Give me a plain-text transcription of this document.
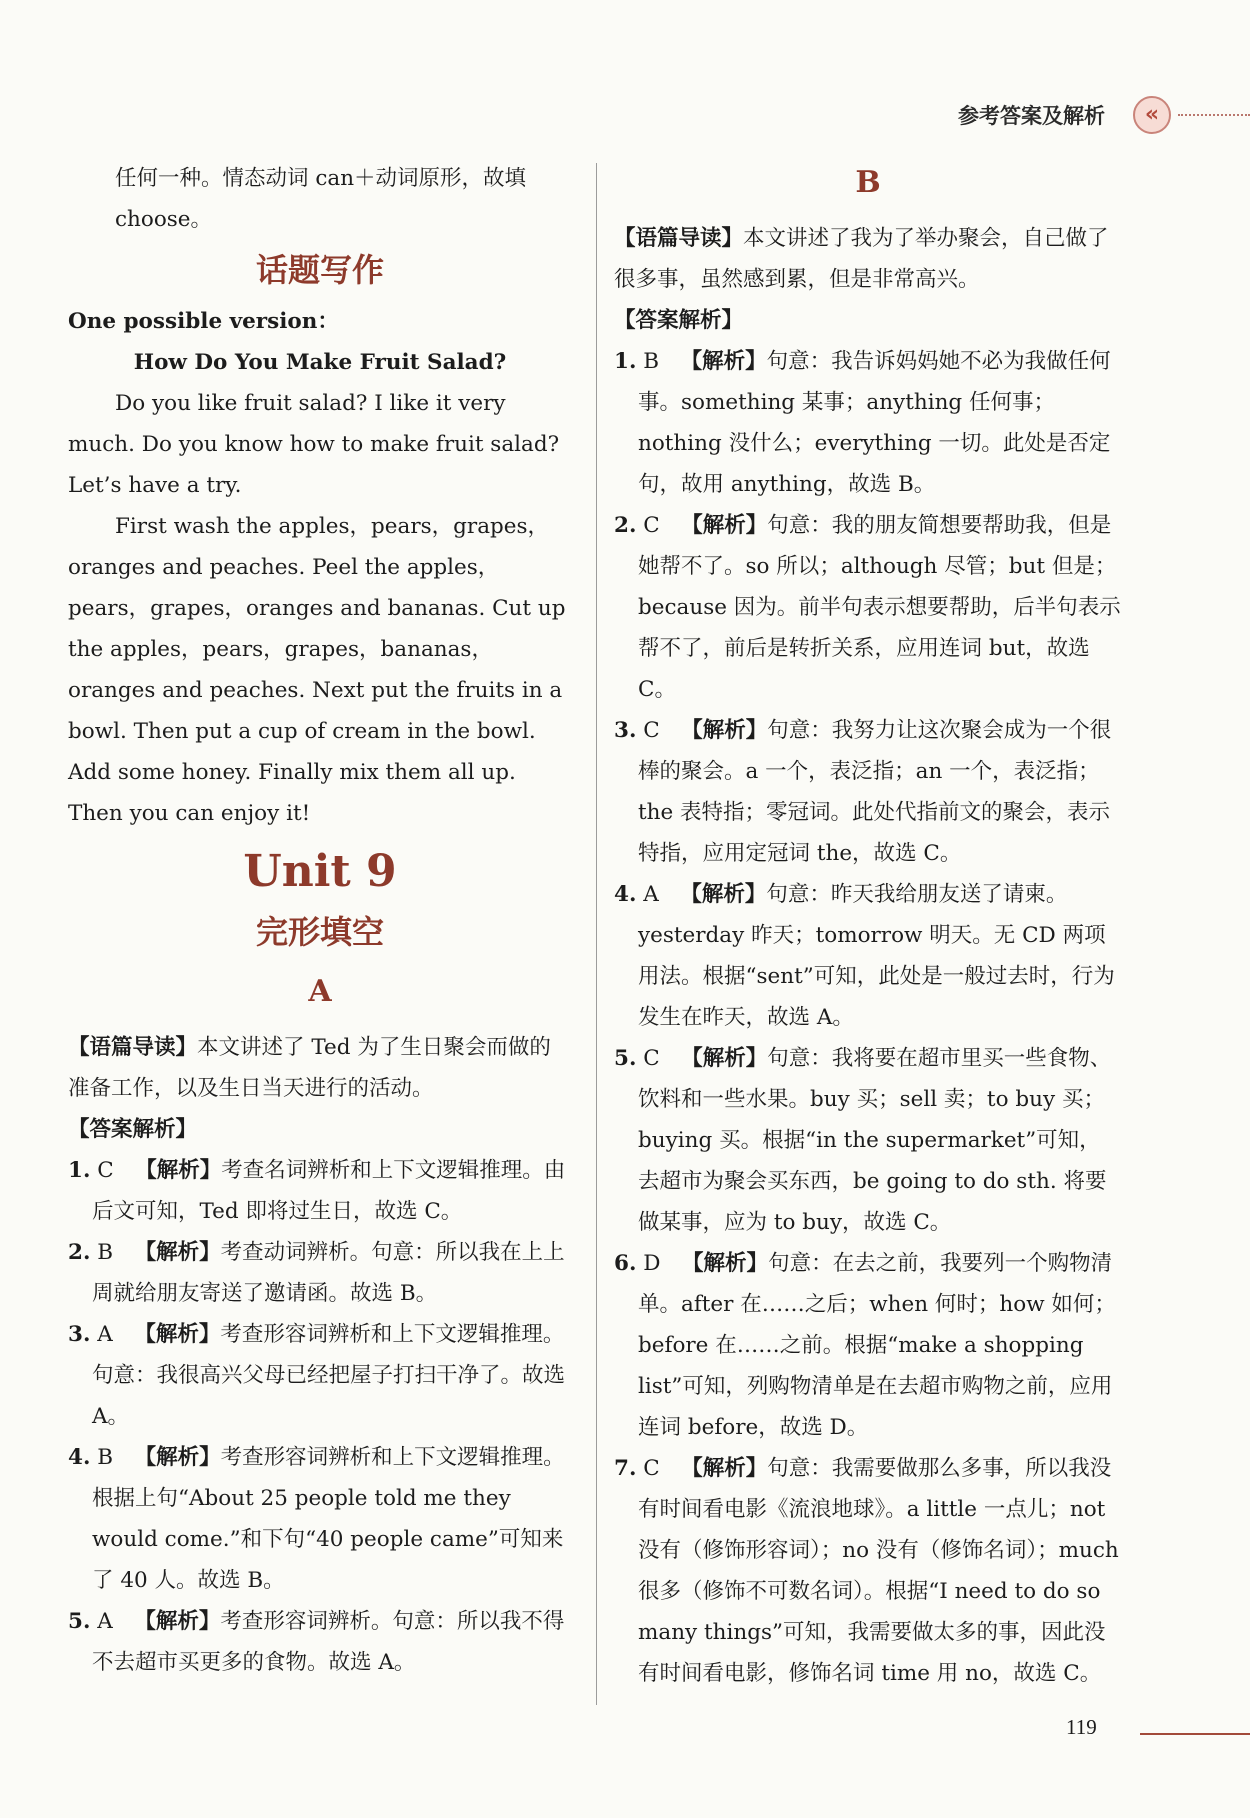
参考答案及解析	«

任何一种。情态动词 can＋动词原形，故填

choose。

话题写作

One possible version：

How Do You Make Fruit Salad?

Do you like fruit salad? I like it very much. Do you know how to make fruit salad? Let’s have a try.

First wash the apples，pears，grapes，oranges and peaches. Peel the apples，pears，grapes，oranges and bananas. Cut up the apples，pears，grapes，bananas，oranges and peaches. Next put the fruits in a bowl. Then put a cup of cream in the bowl. Add some honey. Finally mix them all up. Then you can enjoy it!

Unit 9

完形填空

A

【语篇导读】本文讲述了 Ted 为了生日聚会而做的准备工作，以及生日当天进行的活动。

【答案解析】

1. C  【解析】考查名词辨析和上下文逻辑推理。由后文可知，Ted 即将过生日，故选 C。

2. B  【解析】考查动词辨析。句意：所以我在上上周就给朋友寄送了邀请函。故选 B。

3. A  【解析】考查形容词辨析和上下文逻辑推理。句意：我很高兴父母已经把屋子打扫干净了。故选 A。

4. B  【解析】考查形容词辨析和上下文逻辑推理。根据上句“About 25 people told me they would come.”和下句“40 people came”可知来了 40 人。故选 B。

5. A  【解析】考查形容词辨析。句意：所以我不得不去超市买更多的食物。故选 A。

B

【语篇导读】本文讲述了我为了举办聚会，自己做了很多事，虽然感到累，但是非常高兴。

【答案解析】

1. B  【解析】句意：我告诉妈妈她不必为我做任何事。something 某事；anything 任何事；nothing 没什么；everything 一切。此处是否定句，故用 anything，故选 B。

2. C  【解析】句意：我的朋友简想要帮助我，但是她帮不了。so 所以；although 尽管；but 但是；because 因为。前半句表示想要帮助，后半句表示帮不了，前后是转折关系，应用连词 but，故选 C。

3. C  【解析】句意：我努力让这次聚会成为一个很棒的聚会。a 一个，表泛指；an 一个，表泛指；the 表特指；零冠词。此处代指前文的聚会，表示特指，应用定冠词 the，故选 C。

4. A  【解析】句意：昨天我给朋友送了请柬。yesterday 昨天；tomorrow 明天。无 CD 两项用法。根据“sent”可知，此处是一般过去时，行为发生在昨天，故选 A。

5. C  【解析】句意：我将要在超市里买一些食物、饮料和一些水果。buy 买；sell 卖；to buy 买；buying 买。根据“in the supermarket”可知，去超市为聚会买东西，be going to do sth. 将要做某事，应为 to buy，故选 C。

6. D  【解析】句意：在去之前，我要列一个购物清单。after 在……之后；when 何时；how 如何；before 在……之前。根据“make a shopping list”可知，列购物清单是在去超市购物之前，应用连词 before，故选 D。

7. C  【解析】句意：我需要做那么多事，所以我没有时间看电影《流浪地球》。a little 一点儿；not 没有（修饰形容词）；no 没有（修饰名词）；much 很多（修饰不可数名词）。根据“I need to do so many things”可知，我需要做太多的事，因此没有时间看电影，修饰名词 time 用 no，故选 C。

119
